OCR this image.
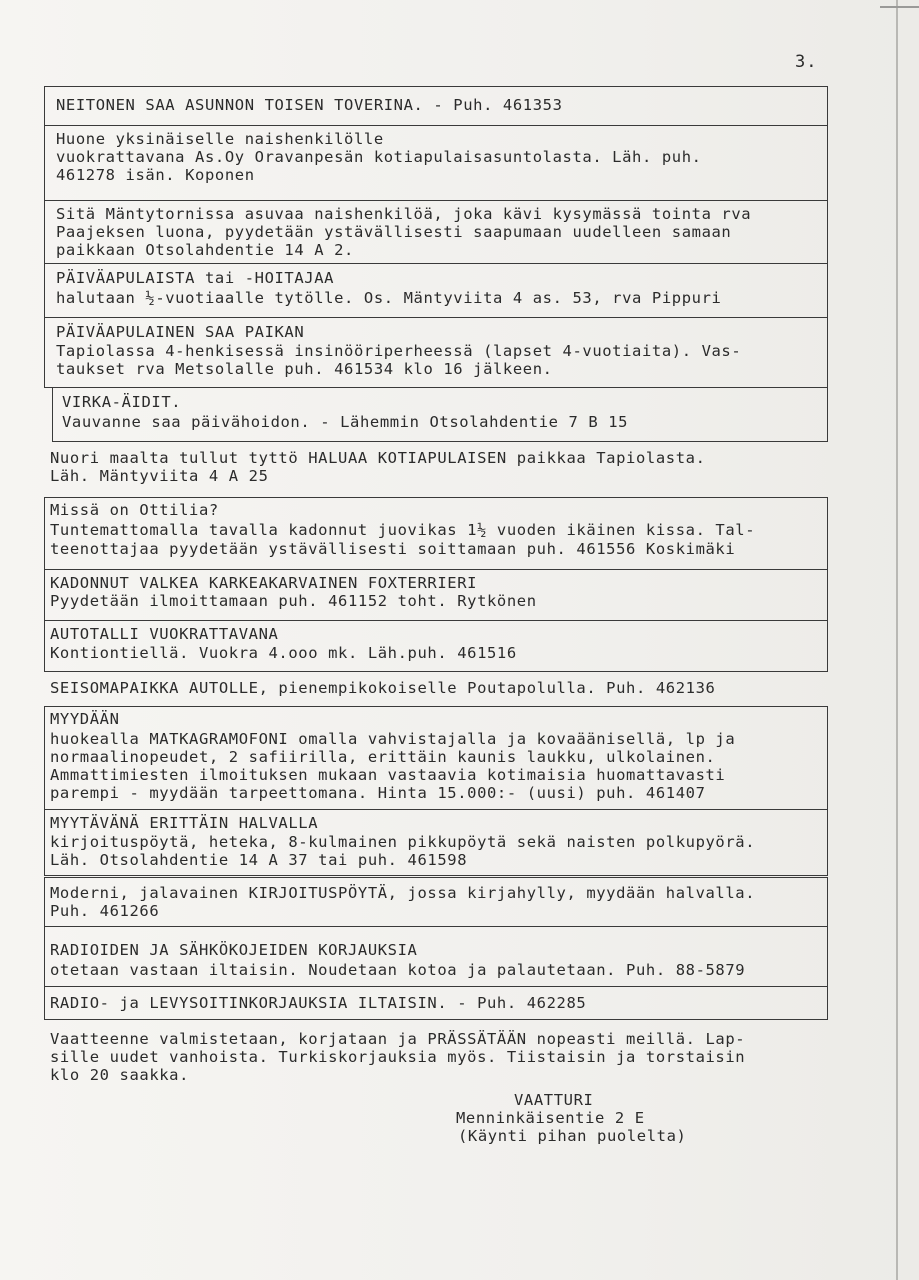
3.
NEITONEN SAA ASUNNON TOISEN TOVERINA. - Puh. 461353
Huone yksinäiselle naishenkilölle
vuokrattavana As.Oy Oravanpesän kotiapulaisasuntolasta. Läh. puh.
461278 isän. Koponen
Sitä Mäntytornissa asuvaa naishenkilöä, joka kävi kysymässä tointa rva
Paajeksen luona, pyydetään ystävällisesti saapumaan uudelleen samaan
paikkaan Otsolahdentie 14 A 2.
PÄIVÄAPULAISTA tai -HOITAJAA
halutaan ½-vuotiaalle tytölle. Os. Mäntyviita 4 as. 53, rva Pippuri
PÄIVÄAPULAINEN SAA PAIKAN
Tapiolassa 4-henkisessä insinööriperheessä (lapset 4-vuotiaita). Vas-
taukset rva Metsolalle puh. 461534 klo 16 jälkeen.
VIRKA-ÄIDIT.
Vauvanne saa päivähoidon. - Lähemmin Otsolahdentie 7 B 15
Nuori maalta tullut tyttö HALUAA KOTIAPULAISEN paikkaa Tapiolasta.
Läh. Mäntyviita 4 A 25
Missä on Ottilia?
Tuntemattomalla tavalla kadonnut juovikas 1½ vuoden ikäinen kissa. Tal-
teenottajaa pyydetään ystävällisesti soittamaan puh. 461556 Koskimäki
KADONNUT VALKEA KARKEAKARVAINEN FOXTERRIERI
Pyydetään ilmoittamaan puh. 461152 toht. Rytkönen
AUTOTALLI VUOKRATTAVANA
Kontiontiellä. Vuokra 4.ooo mk. Läh.puh. 461516
SEISOMAPAIKKA AUTOLLE, pienempikokoiselle Poutapolulla. Puh. 462136
MYYDÄÄN
huokealla MATKAGRAMOFONI omalla vahvistajalla ja kovaäänisellä, lp ja
normaalinopeudet, 2 safiirilla, erittäin kaunis laukku, ulkolainen.
Ammattimiesten ilmoituksen mukaan vastaavia kotimaisia huomattavasti
parempi - myydään tarpeettomana. Hinta 15.000:- (uusi) puh. 461407
MYYTÄVÄNÄ ERITTÄIN HALVALLA
kirjoituspöytä, heteka, 8-kulmainen pikkupöytä sekä naisten polkupyörä.
Läh. Otsolahdentie 14 A 37 tai puh. 461598
Moderni, jalavainen KIRJOITUSPÖYTÄ, jossa kirjahylly, myydään halvalla.
Puh. 461266
RADIOIDEN JA SÄHKÖKOJEIDEN KORJAUKSIA
otetaan vastaan iltaisin. Noudetaan kotoa ja palautetaan. Puh. 88-5879
RADIO- ja LEVYSOITINKORJAUKSIA ILTAISIN. - Puh. 462285
Vaatteenne valmistetaan, korjataan ja PRÄSSÄTÄÄN nopeasti meillä. Lap-
sille uudet vanhoista. Turkiskorjauksia myös. Tiistaisin ja torstaisin
klo 20 saakka.
VAATTURI
Menninkäisentie 2 E
(Käynti pihan puolelta)
